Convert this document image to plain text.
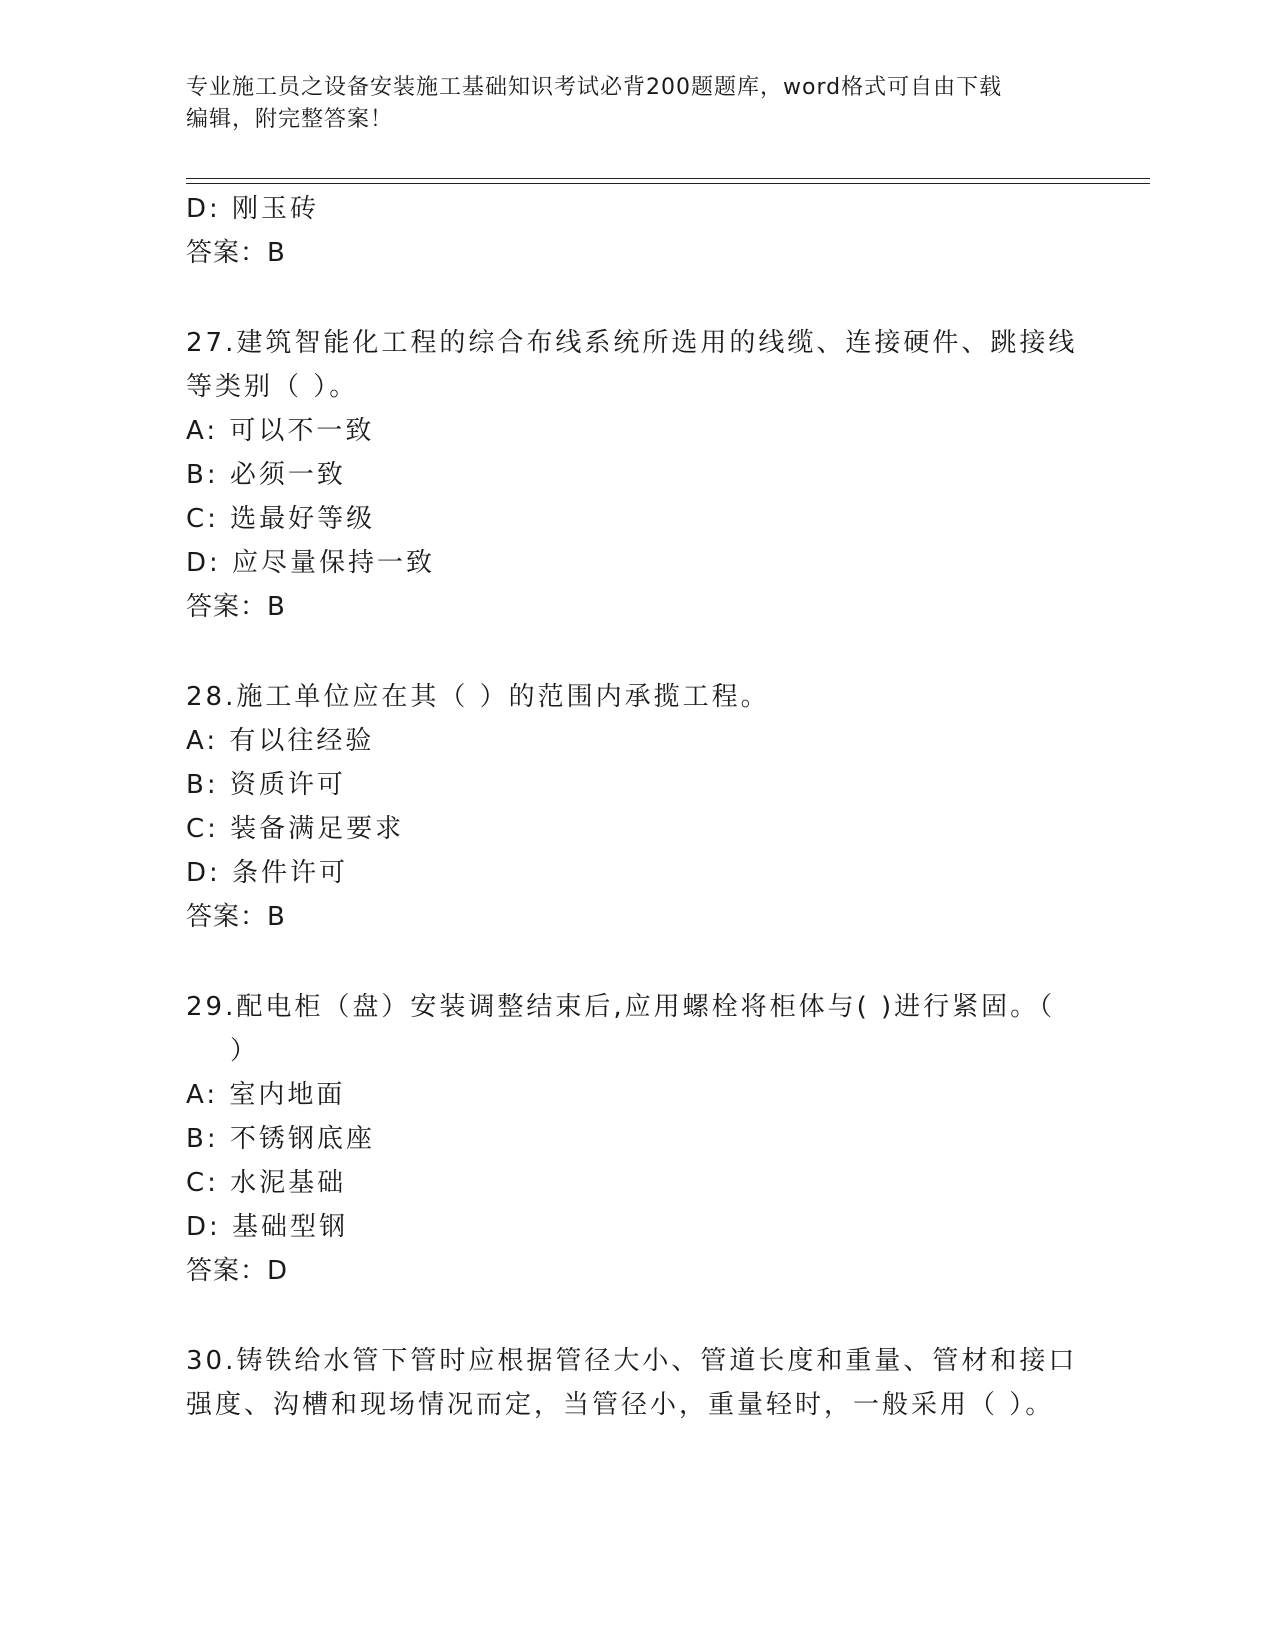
专业施工员之设备安装施工基础知识考试必背200题题库，word格式可自由下载
编辑，附完整答案！
D: 刚玉砖
答案：B
27.建筑智能化工程的综合布线系统所选用的线缆、连接硬件、跳接线
等类别（ ）。
A: 可以不一致
B: 必须一致
C: 选最好等级
D: 应尽量保持一致
答案：B
28.施工单位应在其（ ）的范围内承揽工程。
A: 有以往经验
B: 资质许可
C: 装备满足要求
D: 条件许可
答案：B
29.配电柜（盘）安装调整结束后,应用螺栓将柜体与( )进行紧固。（
）
A: 室内地面
B: 不锈钢底座
C: 水泥基础
D: 基础型钢
答案：D
30.铸铁给水管下管时应根据管径大小、管道长度和重量、管材和接口
强度、沟槽和现场情况而定，当管径小，重量轻时，一般采用（ ）。
